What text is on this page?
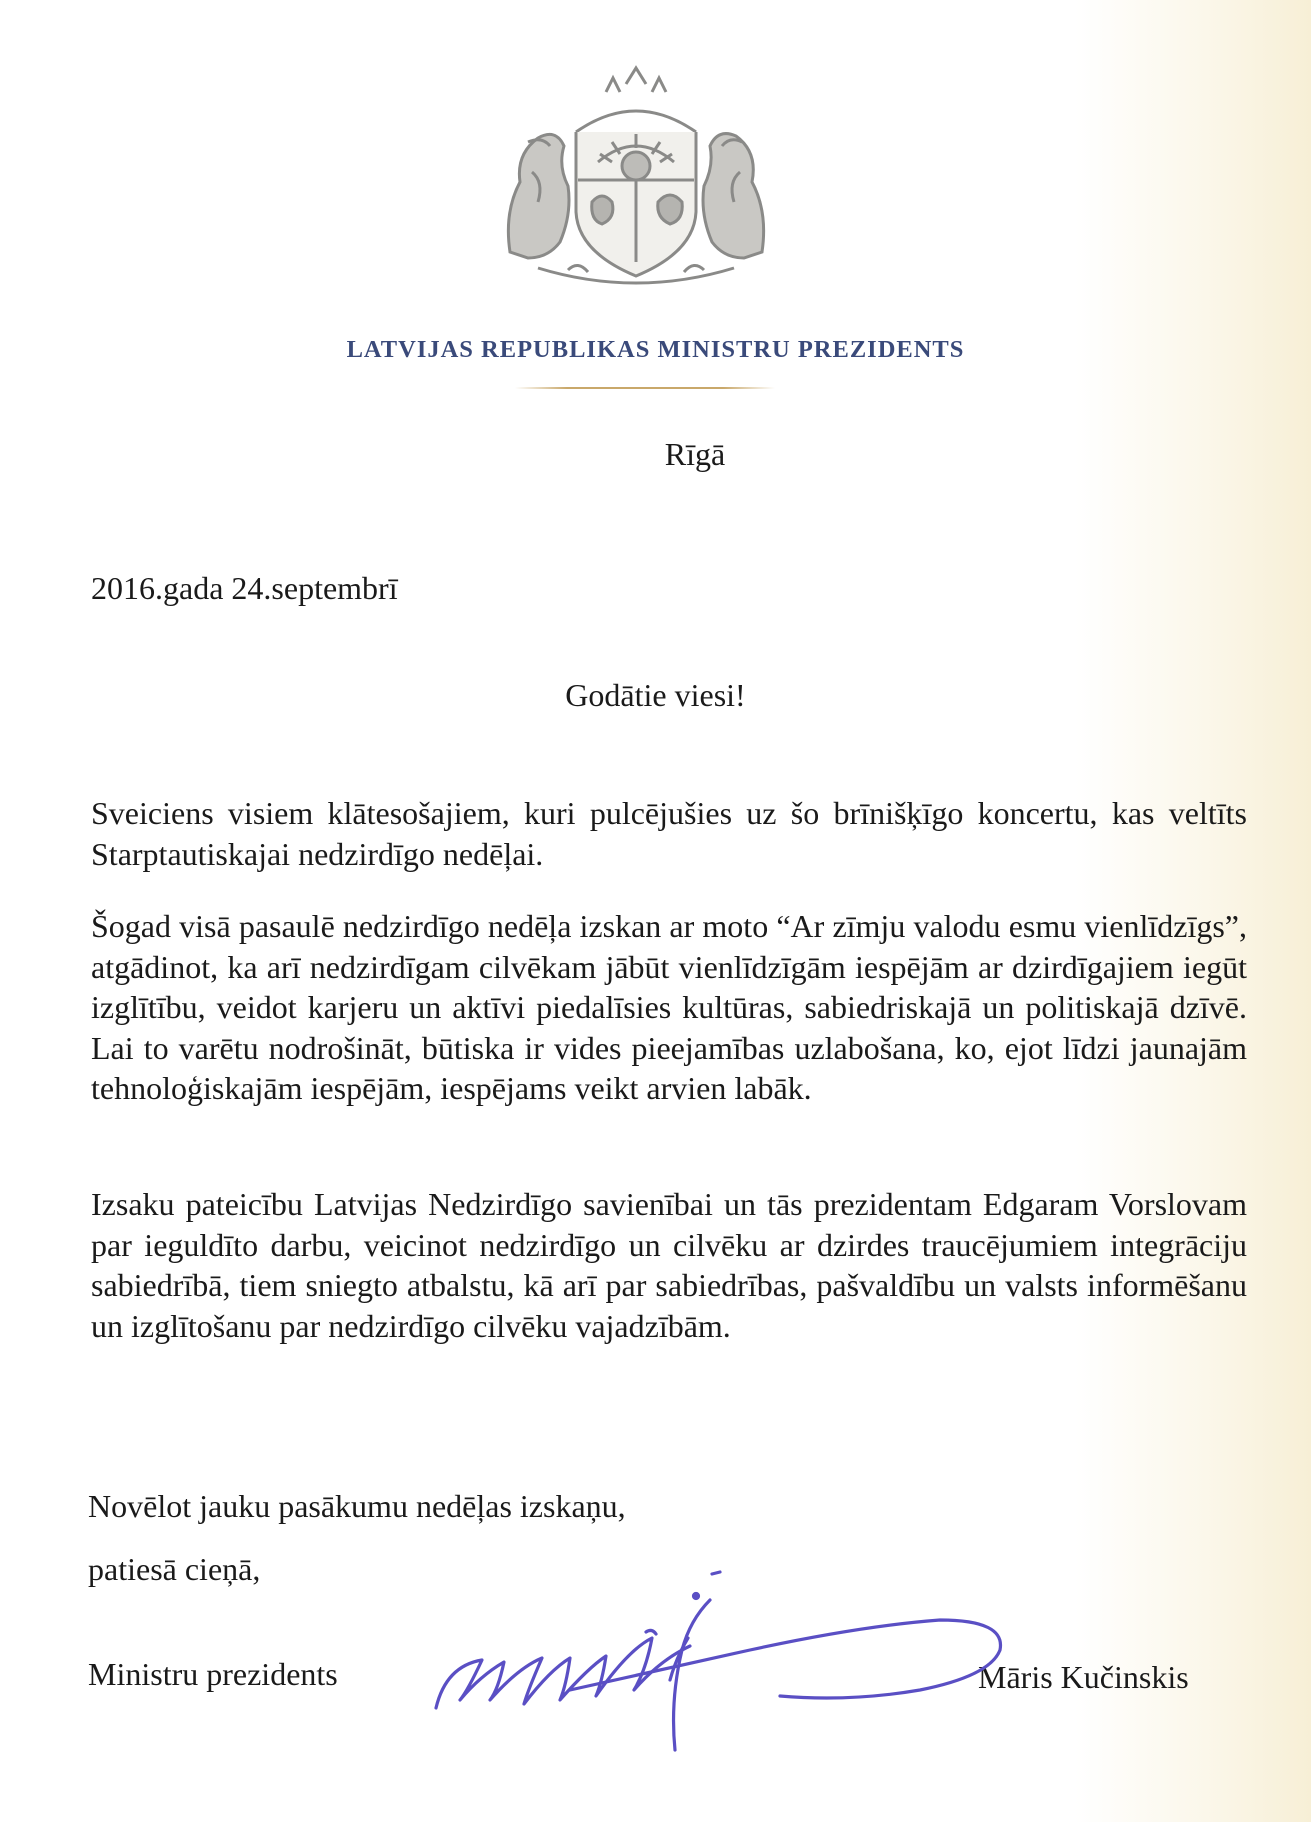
LATVIJAS REPUBLIKAS MINISTRU PREZIDENTS
Rīgā
2016.gada 24.septembrī
Godātie viesi!

Sveiciens visiem klātesošajiem, kuri pulcējušies uz šo brīnišķīgo koncertu, kas veltīts Starptautiskajai nedzirdīgo nedēļai.

Šogad visā pasaulē nedzirdīgo nedēļa izskan ar moto “Ar zīmju valodu esmu vienlīdzīgs”, atgādinot, ka arī nedzirdīgam cilvēkam jābūt vienlīdzīgām iespējām ar dzirdīgajiem iegūt izglītību, veidot karjeru un aktīvi piedalīsies kultūras, sabiedriskajā un politiskajā dzīvē. Lai to varētu nodrošināt, būtiska ir vides pieejamības uzlabošana, ko, ejot līdzi jaunajām tehnoloģiskajām iespējām, iespējams veikt arvien labāk.

Izsaku pateicību Latvijas Nedzirdīgo savienībai un tās prezidentam Edgaram Vorslovam par ieguldīto darbu, veicinot nedzirdīgo un cilvēku ar dzirdes traucējumiem integrāciju sabiedrībā, tiem sniegto atbalstu, kā arī par sabiedrības, pašvaldību un valsts informēšanu un izglītošanu par nedzirdīgo cilvēku vajadzībām.

Novēlot jauku pasākumu nedēļas izskaņu,
patiesā cieņā,
Ministru prezidents	Māris Kučinskis
